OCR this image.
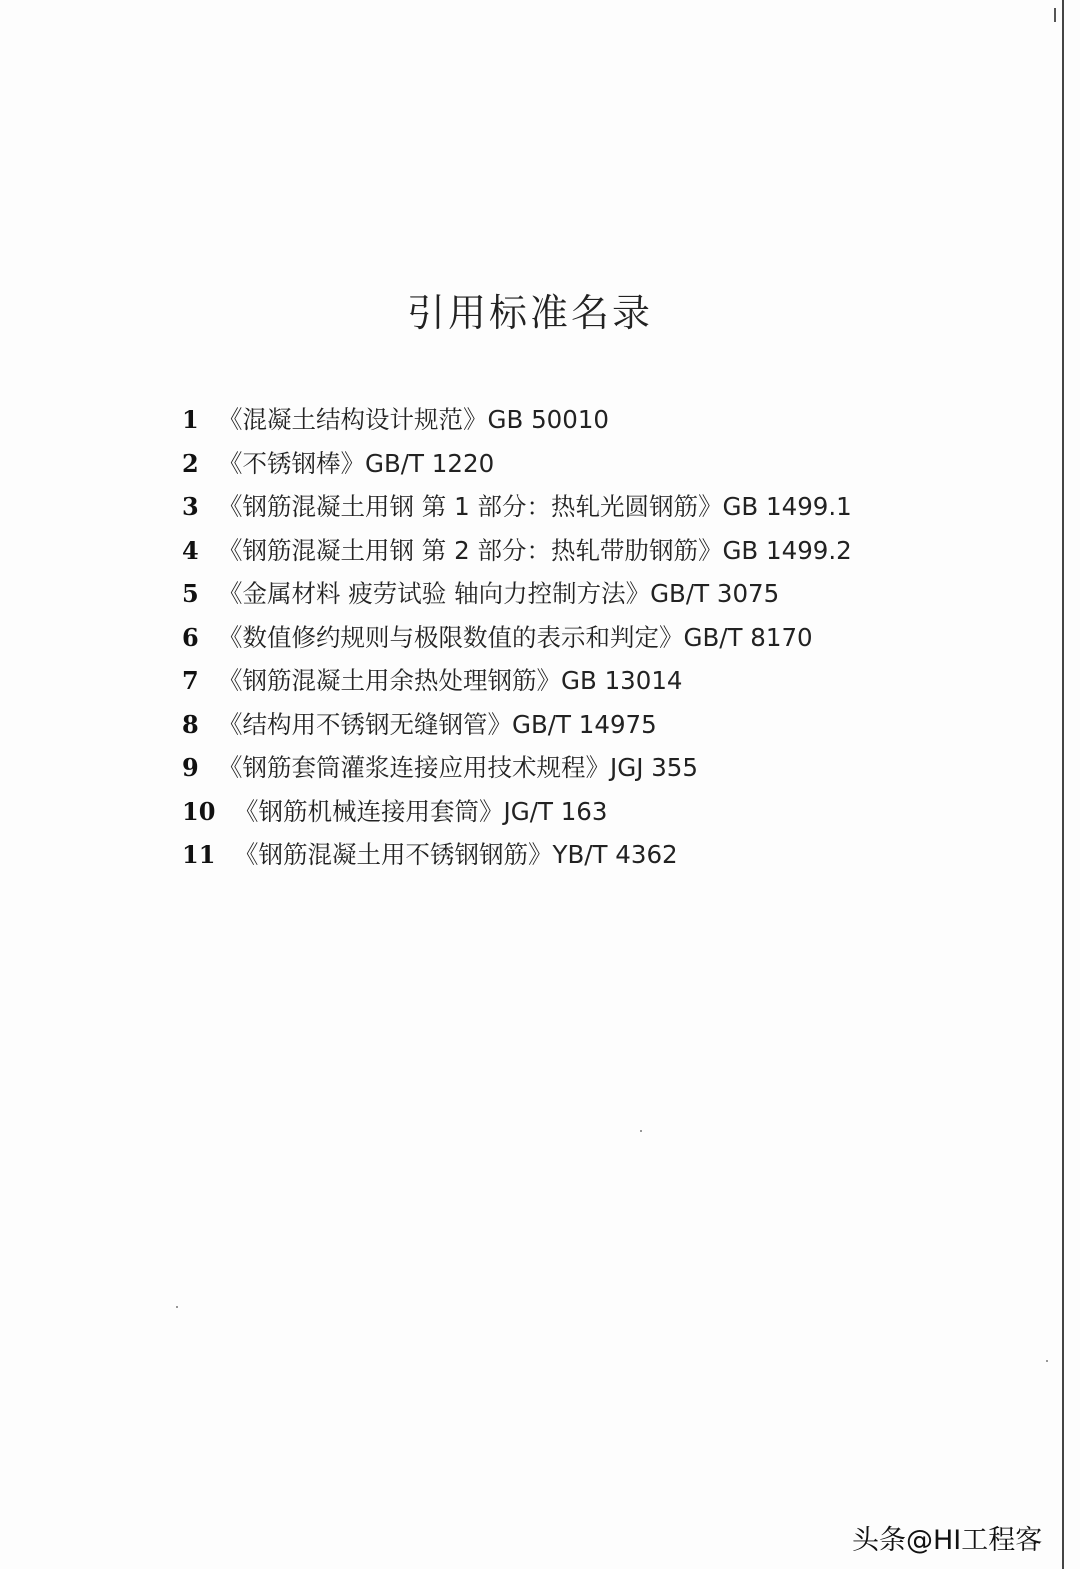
引用标准名录
1 《混凝土结构设计规范》GB 50010
2 《不锈钢棒》GB/T 1220
3 《钢筋混凝土用钢 第 1 部分：热轧光圆钢筋》GB 1499.1
4 《钢筋混凝土用钢 第 2 部分：热轧带肋钢筋》GB 1499.2
5 《金属材料 疲劳试验 轴向力控制方法》GB/T 3075
6 《数值修约规则与极限数值的表示和判定》GB/T 8170
7 《钢筋混凝土用余热处理钢筋》GB 13014
8 《结构用不锈钢无缝钢管》GB/T 14975
9 《钢筋套筒灌浆连接应用技术规程》JGJ 355
10 《钢筋机械连接用套筒》JG/T 163
11 《钢筋混凝土用不锈钢钢筋》YB/T 4362
头条@HI工程客
